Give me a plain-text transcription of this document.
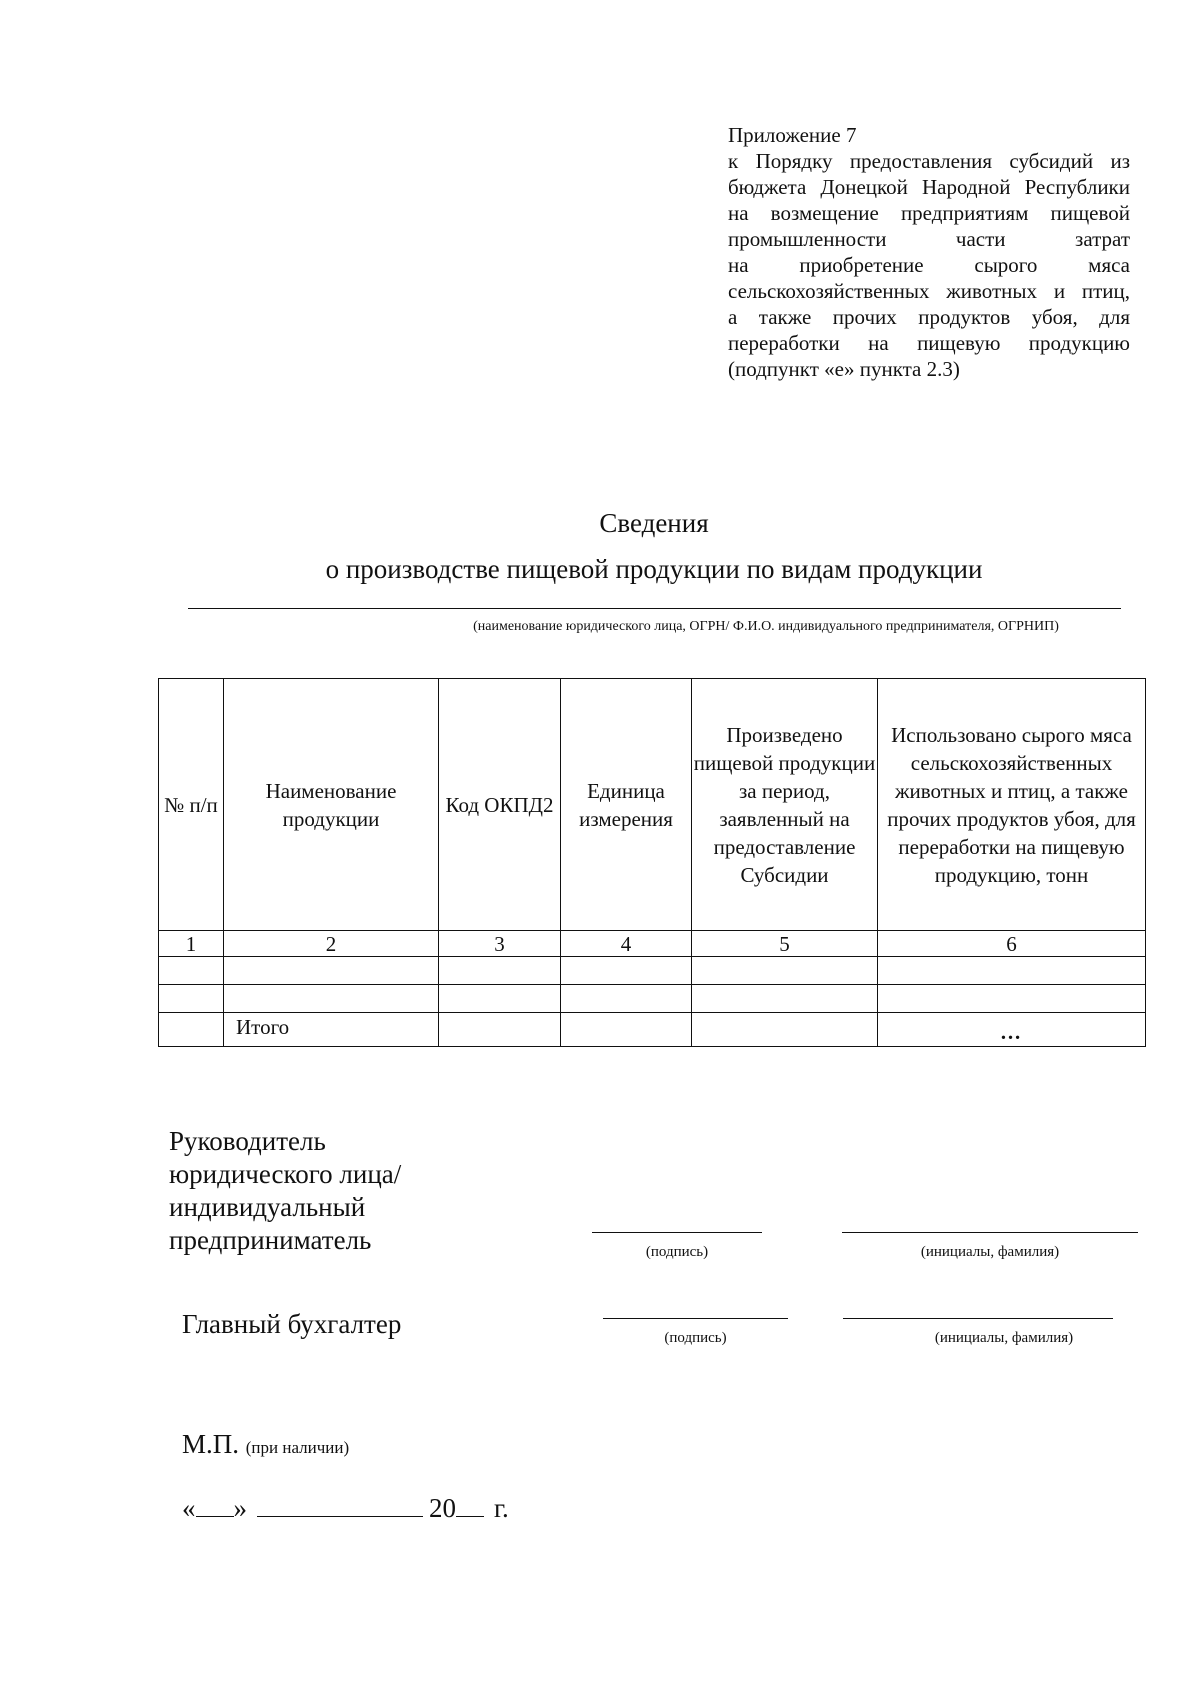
Приложение 7
к Порядку предоставления субсидий из
бюджета Донецкой Народной Республики
на возмещение предприятиям пищевой
промышленности части затрат
на приобретение сырого мяса
сельскохозяйственных животных и птиц,
а также прочих продуктов убоя, для
переработки на пищевую продукцию
(подпункт «е» пункта 2.3)
Сведения
о производстве пищевой продукции по видам продукции
(наименование юридического лица, ОГРН/ Ф.И.О. индивидуального предпринимателя, ОГРНИП)
№ п/п	Наименование продукции	Код ОКПД2	Единица измерения	Произведено пищевой продукции за период, заявленный на предоставление Субсидии	Использовано сырого мяса сельскохозяйственных животных и птиц, а также прочих продуктов убоя, для переработки на пищевую продукцию, тонн
1	2	3	4	5	6

	Итого				…
Руководитель
юридического лица/
индивидуальный
предприниматель	(подпись)	(инициалы, фамилия)
Главный бухгалтер	(подпись)	(инициалы, фамилия)
М.П. (при наличии)
« »	20 г.
